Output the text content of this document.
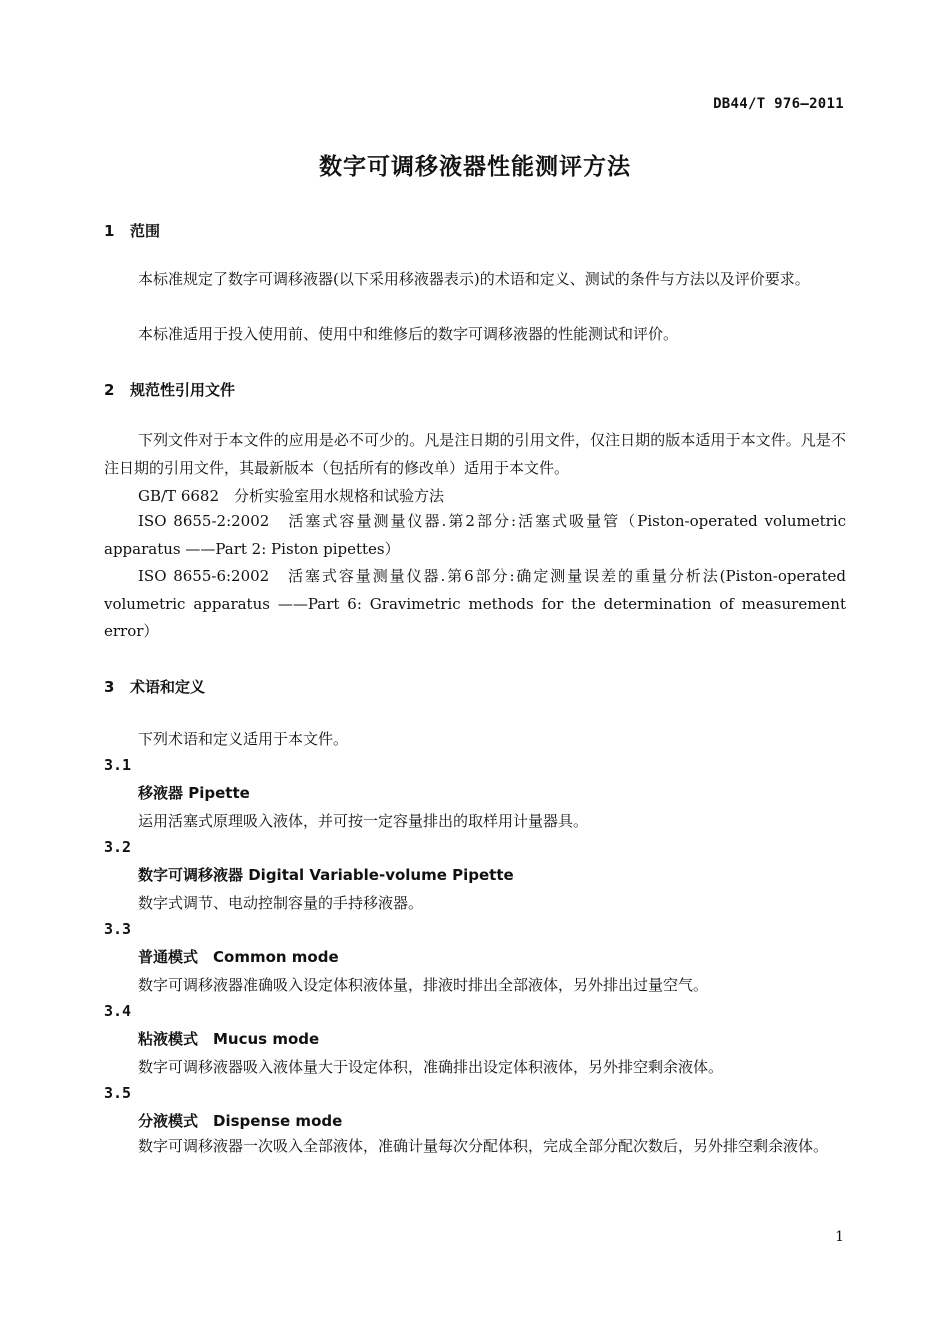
DB44/T 976—2011
数字可调移液器性能测评方法
1 范围
本标准规定了数字可调移液器(以下采用移液器表示)的术语和定义、测试的条件与方法以及评价要求。
本标准适用于投入使用前、使用中和维修后的数字可调移液器的性能测试和评价。
2 规范性引用文件
下列文件对于本文件的应用是必不可少的。凡是注日期的引用文件，仅注日期的版本适用于本文件。凡是不注日期的引用文件，其最新版本（包括所有的修改单）适用于本文件。
GB/T 6682　分析实验室用水规格和试验方法
ISO 8655-2:2002　活塞式容量测量仪器.第2部分:活塞式吸量管（Piston-operated volumetric apparatus ——Part 2: Piston pipettes）
ISO 8655-6:2002　活塞式容量测量仪器.第6部分:确定测量误差的重量分析法(Piston-operated volumetric apparatus ——Part 6: Gravimetric methods for the determination of measurement error）
3 术语和定义
下列术语和定义适用于本文件。
3.1
移液器 Pipette
运用活塞式原理吸入液体，并可按一定容量排出的取样用计量器具。
3.2
数字可调移液器 Digital Variable-volume Pipette
数字式调节、电动控制容量的手持移液器。
3.3
普通模式　Common mode
数字可调移液器准确吸入设定体积液体量，排液时排出全部液体，另外排出过量空气。
3.4
粘液模式　Mucus mode
数字可调移液器吸入液体量大于设定体积，准确排出设定体积液体，另外排空剩余液体。
3.5
分液模式　Dispense mode
数字可调移液器一次吸入全部液体，准确计量每次分配体积，完成全部分配次数后，另外排空剩余液体。
1
